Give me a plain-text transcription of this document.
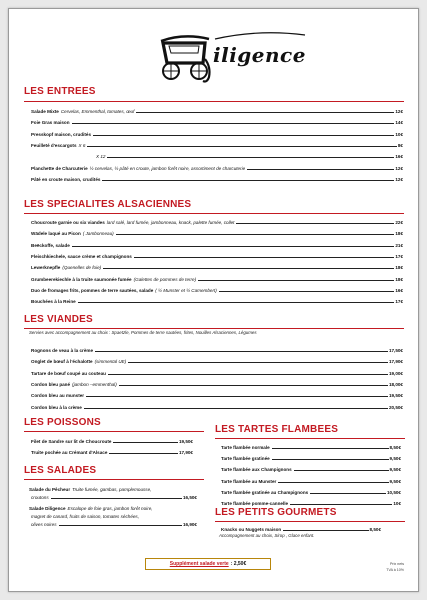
iligence
LES ENTREES
Salade Mixte Cervelas, Emmenthal, tomates, œuf	12€
Foie Gras maison	14€
Presskopf maison, crudités	10€
Feuilleté d'escargots X 6	8€
X 12	16€
Planchette de Charcuterie ½ cervelas, ½ pâté en croute, jambon forêt noire, assortiment de charcuterie	12€
Pâté en croute maison, crudités	12€
LES SPECIALITES ALSACIENNES
Choucroute garnie ou six viandes lard salé, lard fumée, jambonneau, knack, palette fumée, collet	22€
Wädele laqué au Picon ( Jambonneau)	18€
Beëckoffe, salade	21€
Fleischkiechele, sauce crème et champignons	17€
Lewerknepfle (Quenelles de foie)	18€
Grumbeerekiechle à la truite saumonée fumée (Galettes de pommes de terre)	18€
Duo de fromages frits, pommes de terre sautées, salade ( ½ Munster et ½ Camembert)	16€
Bouchées à la Reine	17€
LES VIANDES
Servies avec accompagnement au choix : Spaetzle, Pommes de terre sautées, frites, Nouilles Alsaciennes, Légumes
Rognons de veau à la crème	17,50€
Onglet de bœuf à l'échalotte (simmental UE)	17,90€
Tartare de bœuf coupé au couteau	19,00€
Cordon bleu pané (jambon –emmenthal)	18,00€
Cordon bleu au munster	19,50€
Cordon bleu à la crème	20,50€
LES POISSONS
Filet de Sandre sur lit de Choucroute	19,50€
Truite pochée au Crémant d'Alsace	17,90€
LES SALADES
Salade du Pêcheur Truite fumée, gambas, pamplemousse,
croutons	16,50€
Salade Diligence Escalope de foie gras, jambon forêt noire,
magret de canard, fruits de saison, tomates séchées,
olives noires	16,90€
LES TARTES FLAMBEES
Tarte flambée normale	8,50€
Tarte flambée gratinée	9,50€
Tarte flambée aux Champignons	9,50€
Tarte flambée au Munster	9,50€
Tarte flambée gratinée au Champignons	10,50€
Tarte flambée pomme-cannelle	10€
LES PETITS GOURMETS
Knacks ou Nuggets maison	8,50€
Accompagnement au choix, Sirop , Glace enfant.
Supplément salade verte : 2,50€	Prix nets
TVA à 10%
